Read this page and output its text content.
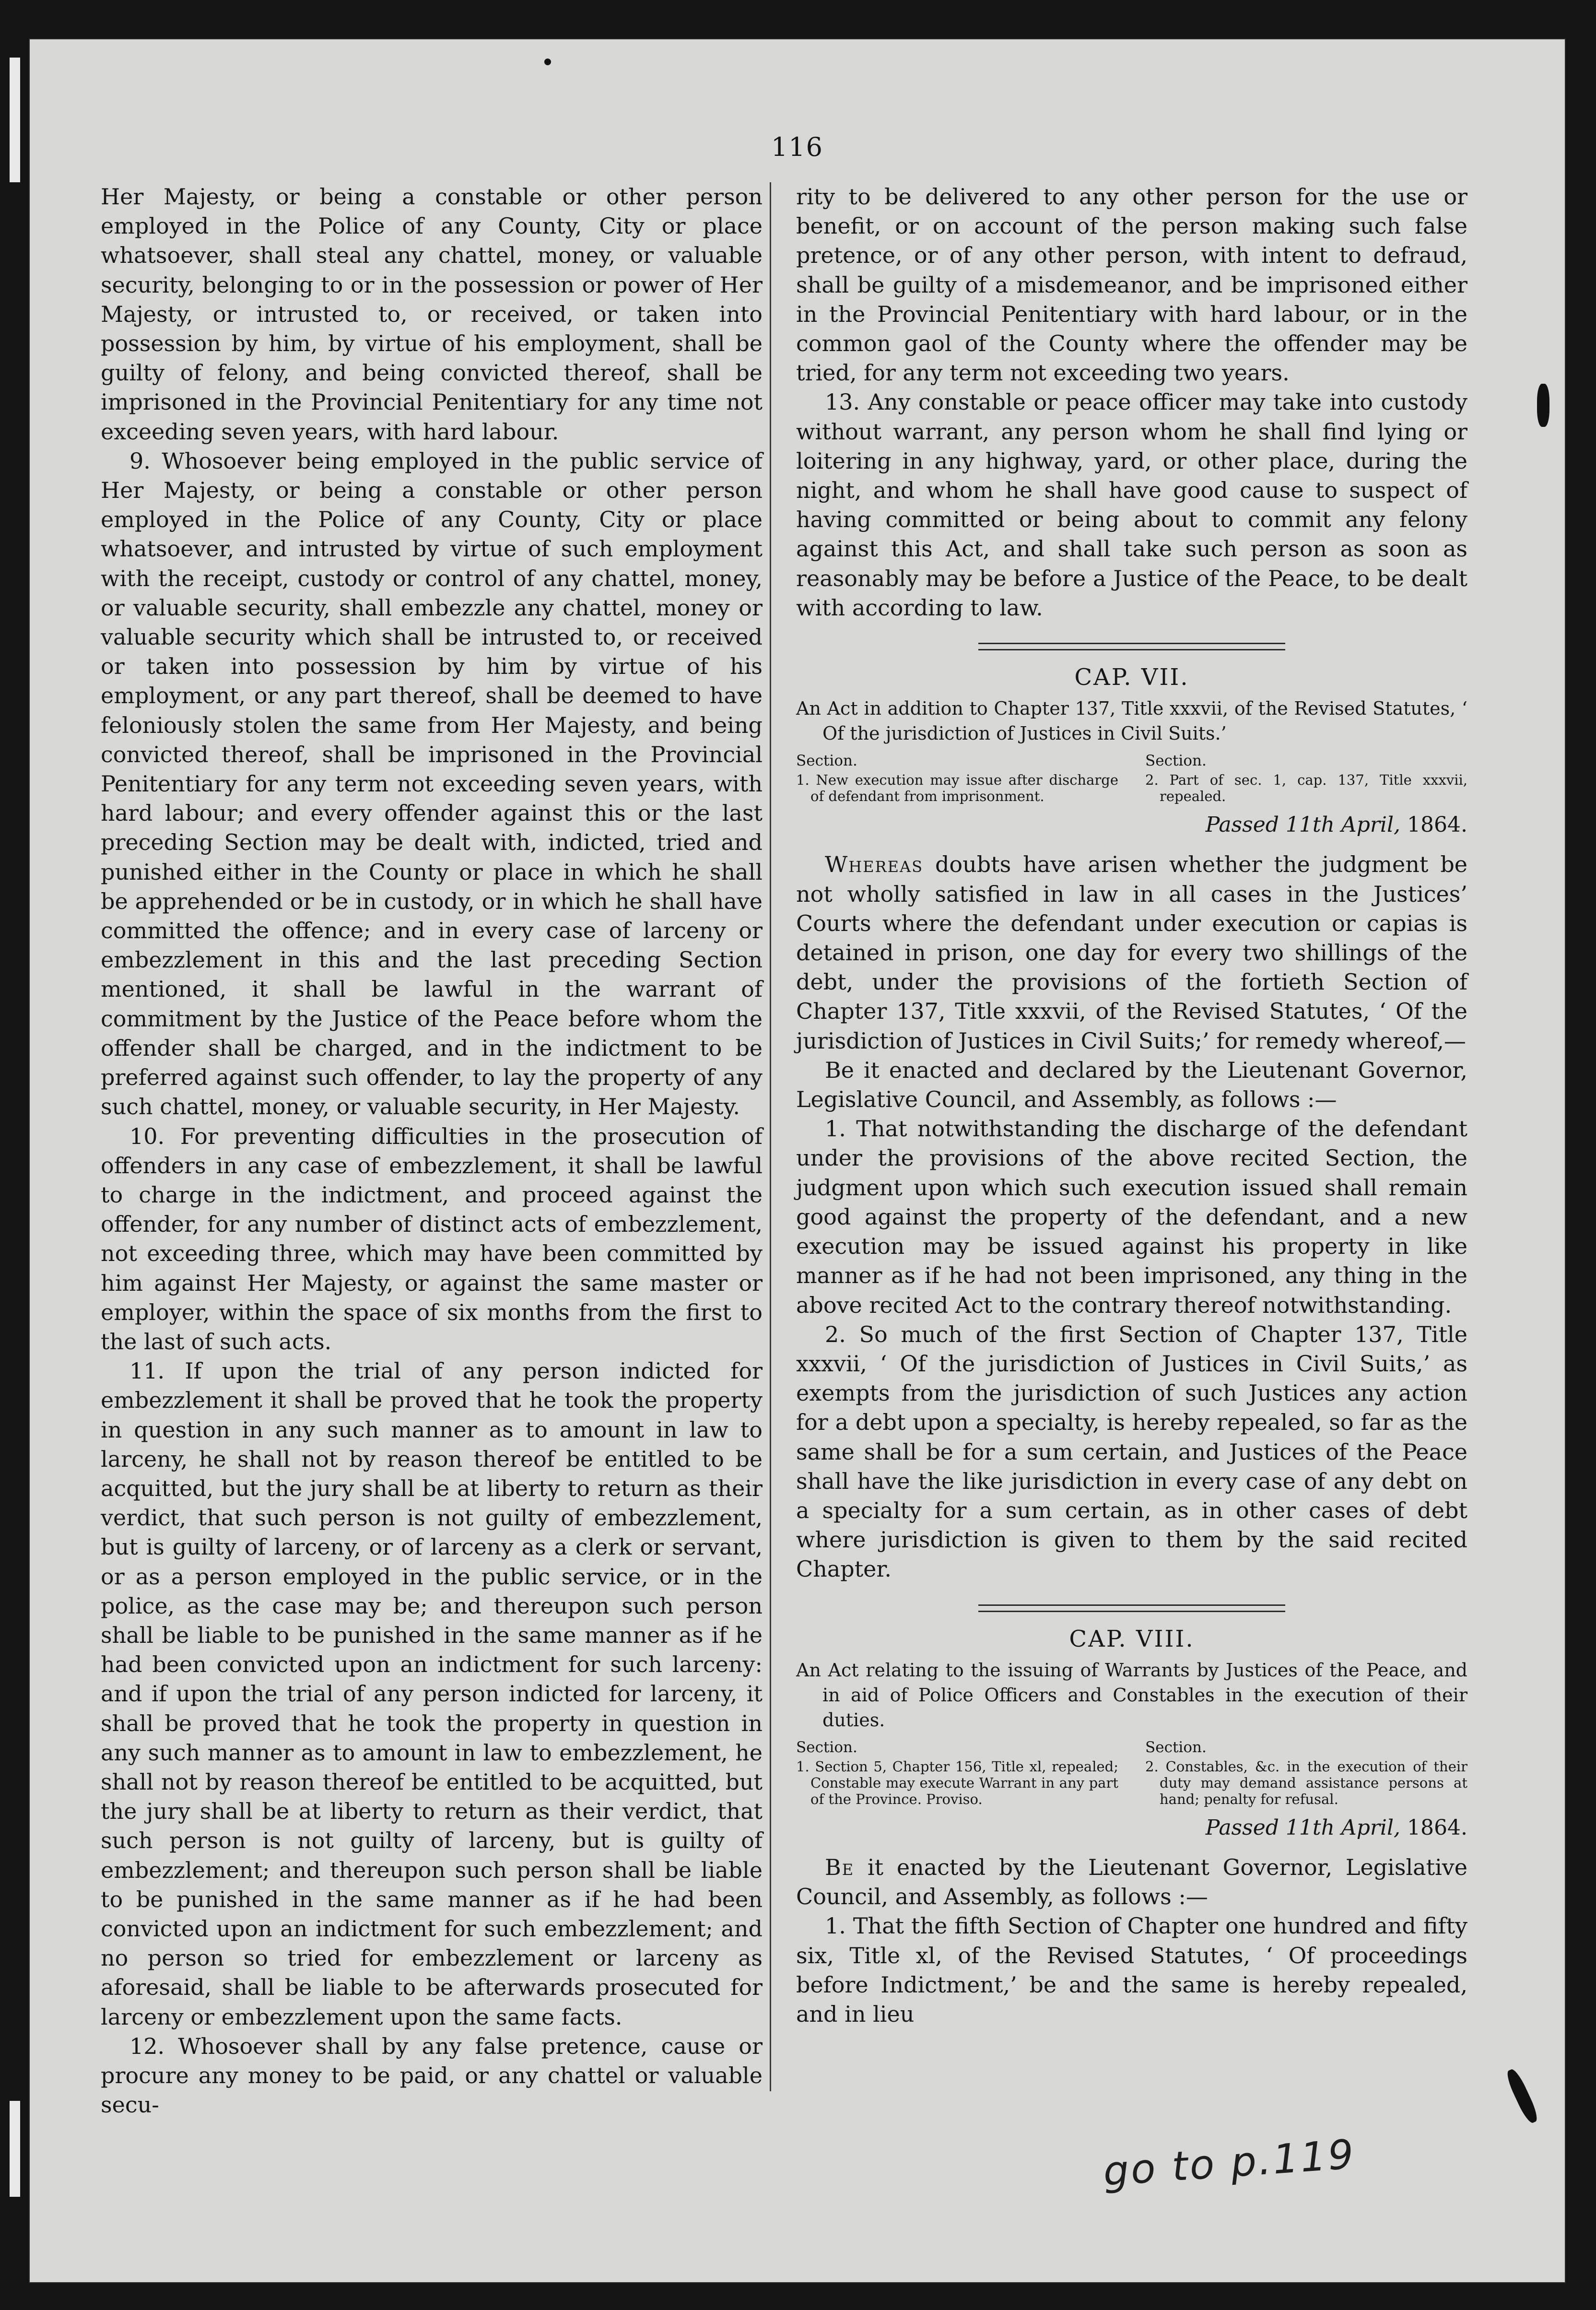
116

Her Majesty, or being a constable or other person employed in the Police of any County, City or place whatsoever, shall steal any chattel, money, or valuable security, belonging to or in the possession or power of Her Majesty, or intrusted to, or received, or taken into possession by him, by virtue of his employment, shall be guilty of felony, and being convicted thereof, shall be imprisoned in the Provincial Penitentiary for any time not exceeding seven years, with hard labour.

9. Whosoever being employed in the public service of Her Majesty, or being a constable or other person employed in the Police of any County, City or place whatsoever, and intrusted by virtue of such employment with the receipt, custody or control of any chattel, money, or valuable security, shall embezzle any chattel, money or valuable security which shall be intrusted to, or received or taken into possession by him by virtue of his employment, or any part thereof, shall be deemed to have feloniously stolen the same from Her Majesty, and being convicted thereof, shall be imprisoned in the Provincial Penitentiary for any term not exceeding seven years, with hard labour; and every offender against this or the last preceding Section may be dealt with, indicted, tried and punished either in the County or place in which he shall be apprehended or be in custody, or in which he shall have committed the offence; and in every case of larceny or embezzlement in this and the last preceding Section mentioned, it shall be lawful in the warrant of commitment by the Justice of the Peace before whom the offender shall be charged, and in the indictment to be preferred against such offender, to lay the property of any such chattel, money, or valuable security, in Her Majesty.

10. For preventing difficulties in the prosecution of offenders in any case of embezzlement, it shall be lawful to charge in the indictment, and proceed against the offender, for any number of distinct acts of embezzlement, not exceeding three, which may have been committed by him against Her Majesty, or against the same master or employer, within the space of six months from the first to the last of such acts.

11. If upon the trial of any person indicted for embezzlement it shall be proved that he took the property in question in any such manner as to amount in law to larceny, he shall not by reason thereof be entitled to be acquitted, but the jury shall be at liberty to return as their verdict, that such person is not guilty of embezzlement, but is guilty of larceny, or of larceny as a clerk or servant, or as a person employed in the public service, or in the police, as the case may be; and thereupon such person shall be liable to be punished in the same manner as if he had been convicted upon an indictment for such larceny: and if upon the trial of any person indicted for larceny, it shall be proved that he took the property in question in any such manner as to amount in law to embezzlement, he shall not by reason thereof be entitled to be acquitted, but the jury shall be at liberty to return as their verdict, that such person is not guilty of larceny, but is guilty of embezzlement; and thereupon such person shall be liable to be punished in the same manner as if he had been convicted upon an indictment for such embezzlement; and no person so tried for embezzlement or larceny as aforesaid, shall be liable to be afterwards prosecuted for larceny or embezzlement upon the same facts.

12. Whosoever shall by any false pretence, cause or procure any money to be paid, or any chattel or valuable secu-

rity to be delivered to any other person for the use or benefit, or on account of the person making such false pretence, or of any other person, with intent to defraud, shall be guilty of a misdemeanor, and be imprisoned either in the Provincial Penitentiary with hard labour, or in the common gaol of the County where the offender may be tried, for any term not exceeding two years.

13. Any constable or peace officer may take into custody without warrant, any person whom he shall find lying or loitering in any highway, yard, or other place, during the night, and whom he shall have good cause to suspect of having committed or being about to commit any felony against this Act, and shall take such person as soon as reasonably may be before a Justice of the Peace, to be dealt with according to law.

CAP. VII.

An Act in addition to Chapter 137, Title xxxvii, of the Revised Statutes, ‘ Of the jurisdiction of Justices in Civil Suits.’

Section.
1. New execution may issue after discharge of defendant from imprisonment.
Section.
2. Part of sec. 1, cap. 137, Title xxxvii, repealed.
Passed 11th April, 1864.

Whereas doubts have arisen whether the judgment be not wholly satisfied in law in all cases in the Justices’ Courts where the defendant under execution or capias is detained in prison, one day for every two shillings of the debt, under the provisions of the fortieth Section of Chapter 137, Title xxxvii, of the Revised Statutes, ‘ Of the jurisdiction of Justices in Civil Suits;’ for remedy whereof,—

Be it enacted and declared by the Lieutenant Governor, Legislative Council, and Assembly, as follows :—

1. That notwithstanding the discharge of the defendant under the provisions of the above recited Section, the judgment upon which such execution issued shall remain good against the property of the defendant, and a new execution may be issued against his property in like manner as if he had not been imprisoned, any thing in the above recited Act to the contrary thereof notwithstanding.

2. So much of the first Section of Chapter 137, Title xxxvii, ‘ Of the jurisdiction of Justices in Civil Suits,’ as exempts from the jurisdiction of such Justices any action for a debt upon a specialty, is hereby repealed, so far as the same shall be for a sum certain, and Justices of the Peace shall have the like jurisdiction in every case of any debt on a specialty for a sum certain, as in other cases of debt where jurisdiction is given to them by the said recited Chapter.

CAP. VIII.

An Act relating to the issuing of Warrants by Justices of the Peace, and in aid of Police Officers and Constables in the execution of their duties.

Section.
1. Section 5, Chapter 156, Title xl, repealed; Constable may execute Warrant in any part of the Province. Proviso.
Section.
2. Constables, &c. in the execution of their duty may demand assistance persons at hand; penalty for refusal.
Passed 11th April, 1864.

Be it enacted by the Lieutenant Governor, Legislative Council, and Assembly, as follows :—

1. That the fifth Section of Chapter one hundred and fifty six, Title xl, of the Revised Statutes, ‘ Of proceedings before Indictment,’ be and the same is hereby repealed, and in lieu

go to p.119
